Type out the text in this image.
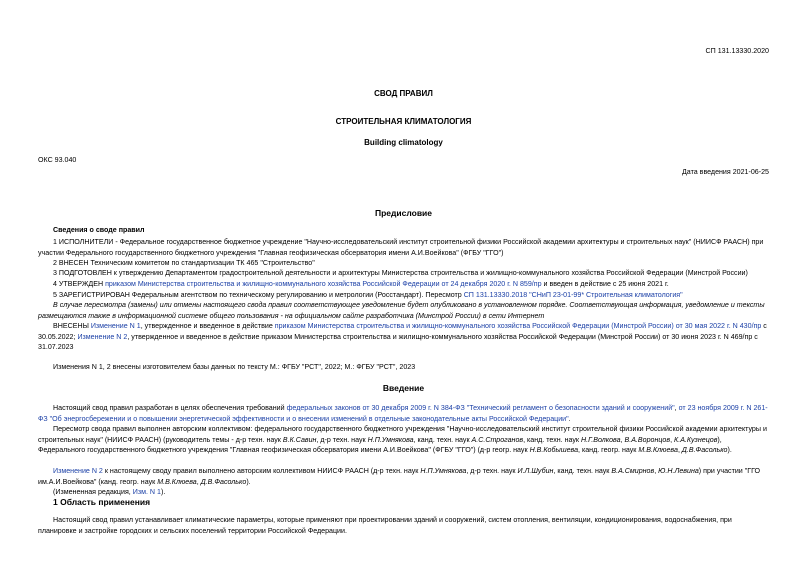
СП 131.13330.2020
СВОД ПРАВИЛ
СТРОИТЕЛЬНАЯ КЛИМАТОЛОГИЯ
Building climatology
ОКС 93.040
Дата введения 2021-06-25
Предисловие
Сведения о своде правил
1 ИСПОЛНИТЕЛИ - Федеральное государственное бюджетное учреждение "Научно-исследовательский институт строительной физики Российской академии архитектуры и строительных наук" (НИИСФ РААСН) при участии Федерального государственного бюджетного учреждения "Главная геофизическая обсерватория имени А.И.Воейкова" (ФГБУ "ГГО")
2 ВНЕСЕН Техническим комитетом по стандартизации ТК 465 "Строительство"
3 ПОДГОТОВЛЕН к утверждению Департаментом градостроительной деятельности и архитектуры Министерства строительства и жилищно-коммунального хозяйства Российской Федерации (Минстрой России)
4 УТВЕРЖДЕН приказом Министерства строительства и жилищно-коммунального хозяйства Российской Федерации от 24 декабря 2020 г. N 859/пр и введен в действие с 25 июня 2021 г.
5 ЗАРЕГИСТРИРОВАН Федеральным агентством по техническому регулированию и метрологии (Росстандарт). Пересмотр СП 131.13330.2018 "СНиП 23-01-99* Строительная климатология"
В случае пересмотра (замены) или отмены настоящего свода правил соответствующее уведомление будет опубликовано в установленном порядке. Соответствующая информация, уведомление и тексты размещаются также в информационной системе общего пользования - на официальном сайте разработчика (Минстрой России) в сети Интернет
ВНЕСЕНЫ Изменение N 1, утвержденное и введенное в действие приказом Министерства строительства и жилищно-коммунального хозяйства Российской Федерации (Минстрой России) от 30 мая 2022 г. N 430/пр с 30.05.2022; Изменение N 2, утвержденное и введенное в действие приказом Министерства строительства и жилищно-коммунального хозяйства Российской Федерации (Минстрой России) от 30 июня 2023 г. N 469/пр с 31.07.2023
Изменения N 1, 2 внесены изготовителем базы данных по тексту М.: ФГБУ "РСТ", 2022; М.: ФГБУ "РСТ", 2023
Введение
Настоящий свод правил разработан в целях обеспечения требований федеральных законов от 30 декабря 2009 г. N 384-ФЗ "Технический регламент о безопасности зданий и сооружений", от 23 ноября 2009 г. N 261-ФЗ "Об энергосбережении и о повышении энергетической эффективности и о внесении изменений в отдельные законодательные акты Российской Федерации".
Пересмотр свода правил выполнен авторским коллективом: федерального государственного бюджетного учреждения "Научно-исследовательский институт строительной физики Российской академии архитектуры и строительных наук" (НИИСФ РААСН) (руководитель темы - д-р техн. наук В.К.Савин, д-р техн. наук Н.П.Умнякова, канд. техн. наук А.С.Строганов, канд. техн. наук Н.Г.Волкова, В.А.Воронцов, К.А.Кузнецов), Федерального государственного бюджетного учреждения "Главная геофизическая обсерватория имени А.И.Воейкова" (ФГБУ "ГГО") (д-р геогр. наук Н.В.Кобышева, канд. геогр. наук М.В.Клюева, Д.В.Фасолько).
Изменение N 2 к настоящему своду правил выполнено авторским коллективом НИИСФ РААСН (д-р техн. наук Н.П.Умнякова, д-р техн. наук И.Л.Шубин, канд. техн. наук В.А.Смирнов, Ю.Н.Левина) при участии "ГГО им.А.И.Воейкова" (канд. геогр. наук М.В.Клюева, Д.В.Фасолько).
(Измененная редакция, Изм. N 1).
1 Область применения
Настоящий свод правил устанавливает климатические параметры, которые применяют при проектировании зданий и сооружений, систем отопления, вентиляции, кондиционирования, водоснабжения, при планировке и застройке городских и сельских поселений территории Российской Федерации.
